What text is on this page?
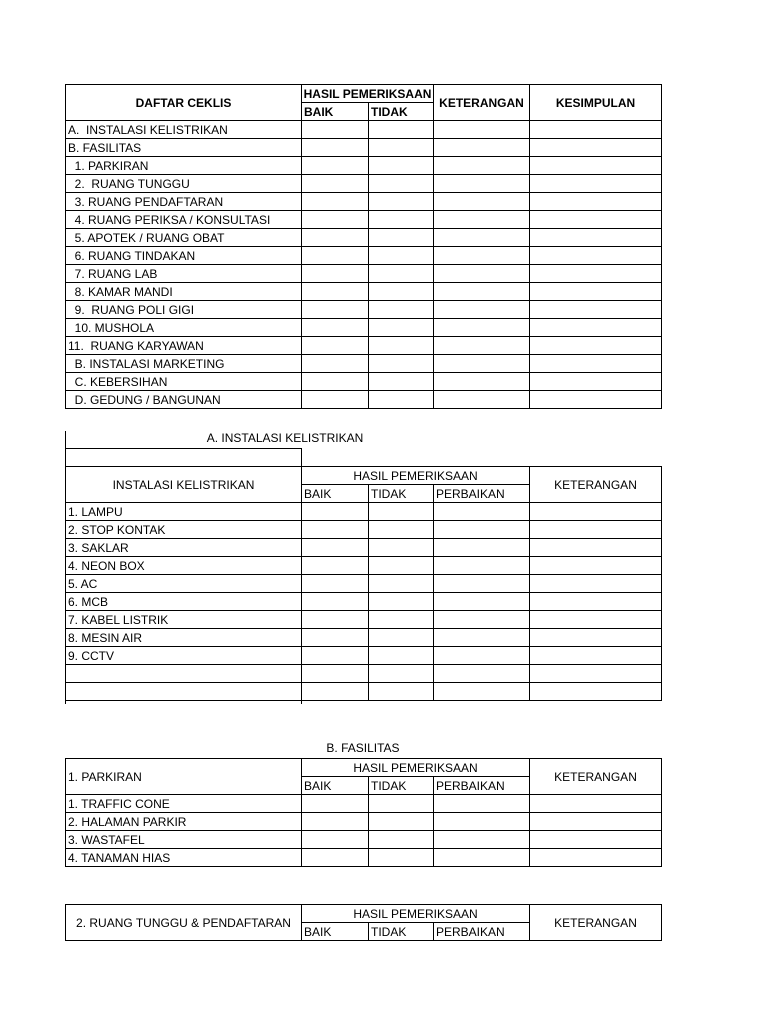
DAFTAR CEKLIS	HASIL PEMERIKSAAN		KETERANGAN	KESIMPULAN
	BAIK	TIDAK		
A.  INSTALASI KELISTRIKAN				
B. FASILITAS				
1. PARKIRAN				
2.  RUANG TUNGGU				
3. RUANG PENDAFTARAN				
4. RUANG PERIKSA / KONSULTASI				
5. APOTEK / RUANG OBAT				
6. RUANG TINDAKAN				
7. RUANG LAB				
8. KAMAR MANDI				
9.  RUANG POLI GIGI				
10. MUSHOLA				
11.  RUANG KARYAWAN				
B. INSTALASI MARKETING				
C. KEBERSIHAN				
D. GEDUNG / BANGUNAN				
A. INSTALASI KELISTRIKAN
INSTALASI KELISTRIKAN	HASIL PEMERIKSAAN			KETERANGAN
	BAIK	TIDAK	PERBAIKAN	
1. LAMPU				
2. STOP KONTAK				
3. SAKLAR				
4. NEON BOX				
5. AC				
6. MCB				
7. KABEL LISTRIK				
8. MESIN AIR				
9. CCTV				

B. FASILITAS
1. PARKIRAN	HASIL PEMERIKSAAN			KETERANGAN
	BAIK	TIDAK	PERBAIKAN	
1. TRAFFIC CONE				
2. HALAMAN PARKIR				
3. WASTAFEL				
4. TANAMAN HIAS				
2. RUANG TUNGGU & PENDAFTARAN	HASIL PEMERIKSAAN			KETERANGAN
	BAIK	TIDAK	PERBAIKAN	
